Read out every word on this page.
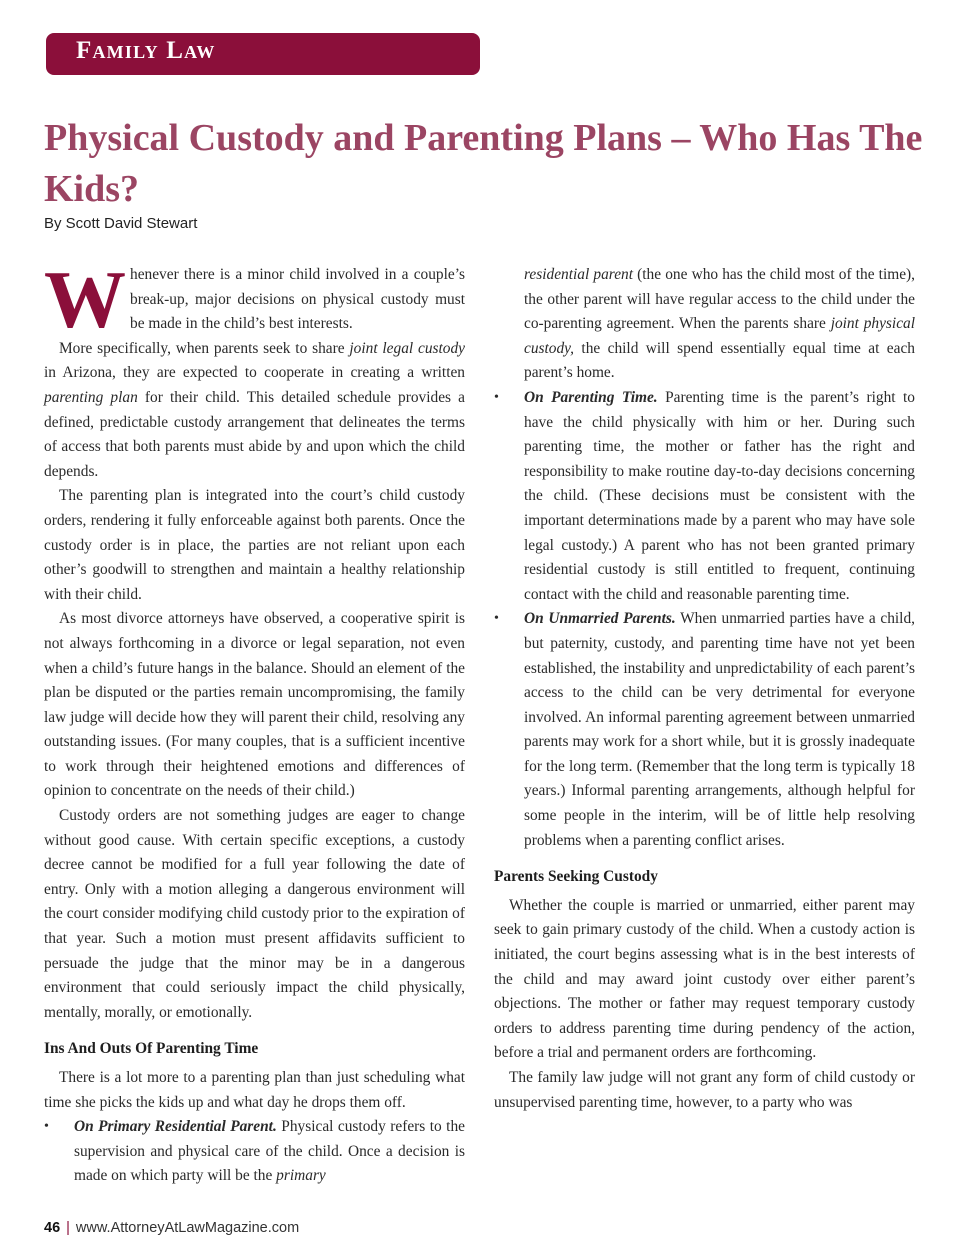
Family Law
Physical Custody and Parenting Plans – Who Has The Kids?
By Scott David Stewart

Whenever there is a minor child involved in a couple’s break-up, major decisions on physical custody must be made in the child’s best interests.

More specifically, when parents seek to share joint legal custody in Arizona, they are expected to cooperate in creating a written parenting plan for their child. This detailed schedule provides a defined, predictable custody arrangement that delineates the terms of access that both parents must abide by and upon which the child depends.

The parenting plan is integrated into the court’s child custody orders, rendering it fully enforceable against both parents. Once the custody order is in place, the parties are not reliant upon each other’s goodwill to strengthen and maintain a healthy relationship with their child.

As most divorce attorneys have observed, a cooperative spirit is not always forthcoming in a divorce or legal separation, not even when a child’s future hangs in the balance. Should an element of the plan be disputed or the parties remain uncompromising, the family law judge will decide how they will parent their child, resolving any outstanding issues. (For many couples, that is a sufficient incentive to work through their heightened emotions and differences of opinion to concentrate on the needs of their child.)

Custody orders are not something judges are eager to change without good cause. With certain specific exceptions, a custody decree cannot be modified for a full year following the date of entry. Only with a motion alleging a dangerous environment will the court consider modifying child custody prior to the expiration of that year. Such a motion must present affidavits sufficient to persuade the judge that the minor may be in a dangerous environment that could seriously impact the child physically, mentally, morally, or emotionally.

Ins And Outs Of Parenting Time

There is a lot more to a parenting plan than just scheduling what time she picks the kids up and what day he drops them off.

• On Primary Residential Parent. Physical custody refers to the supervision and physical care of the child. Once a decision is made on which party will be the primary
residential parent (the one who has the child most of the time), the other parent will have regular access to the child under the co-parenting agreement. When the parents share joint physical custody, the child will spend essentially equal time at each parent’s home.
• On Parenting Time. Parenting time is the parent’s right to have the child physically with him or her. During such parenting time, the mother or father has the right and responsibility to make routine day-to-day decisions concerning the child. (These decisions must be consistent with the important determinations made by a parent who may have sole legal custody.) A parent who has not been granted primary residential custody is still entitled to frequent, continuing contact with the child and reasonable parenting time.
• On Unmarried Parents. When unmarried parties have a child, but paternity, custody, and parenting time have not yet been established, the instability and unpredictability of each parent’s access to the child can be very detrimental for everyone involved. An informal parenting agreement between unmarried parents may work for a short while, but it is grossly inadequate for the long term. (Remember that the long term is typically 18 years.) Informal parenting arrangements, although helpful for some people in the interim, will be of little help resolving problems when a parenting conflict arises.
Parents Seeking Custody

Whether the couple is married or unmarried, either parent may seek to gain primary custody of the child. When a custody action is initiated, the court begins assessing what is in the best interests of the child and may award joint custody over either parent’s objections. The mother or father may request temporary custody orders to address parenting time during pendency of the action, before a trial and permanent orders are forthcoming.

The family law judge will not grant any form of child custody or unsupervised parenting time, however, to a party who was

46 | www.AttorneyAtLawMagazine.com
